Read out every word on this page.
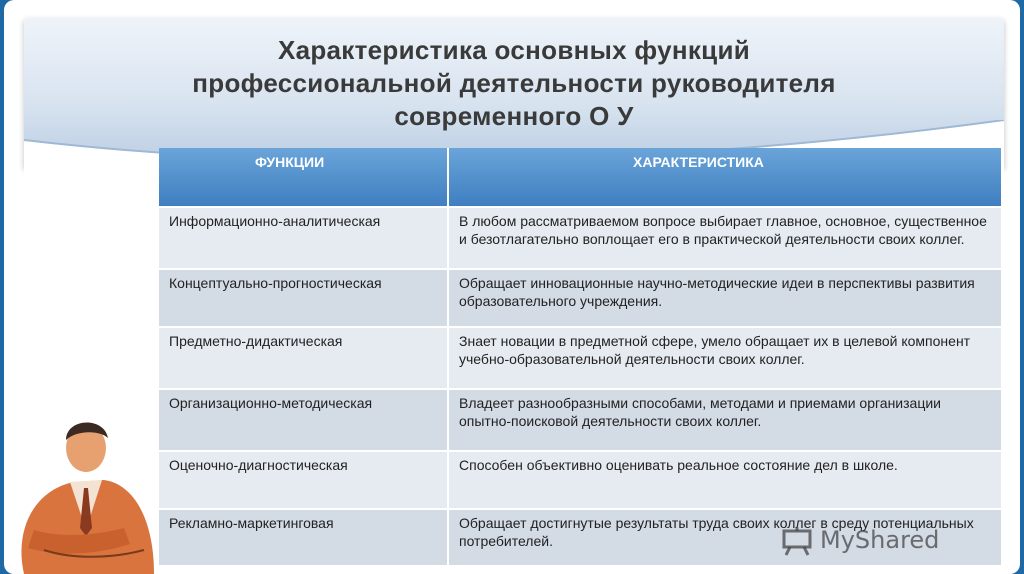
Характеристика основных функций
профессиональной деятельности руководителя
современного О У
ФУНКЦИИ	ХАРАКТЕРИСТИКА
Информационно-аналитическая	В любом рассматриваемом вопросе выбирает главное, основное, существенное и безотлагательно воплощает его в практической деятельности своих коллег.
Концептуально-прогностическая	Обращает инновационные научно-методические идеи в перспективы развития образовательного учреждения.
Предметно-дидактическая	Знает новации в предметной сфере, умело обращает их в целевой компонент учебно-образовательной деятельности своих коллег.
Организационно-методическая	Владеет разнообразными способами, методами и приемами организации опытно-поисковой деятельности своих коллег.
Оценочно-диагностическая	Способен объективно оценивать реальное состояние дел в школе.
Рекламно-маркетинговая	Обращает достигнутые результаты труда своих коллег в среду потенциальных потребителей.	MyShared
